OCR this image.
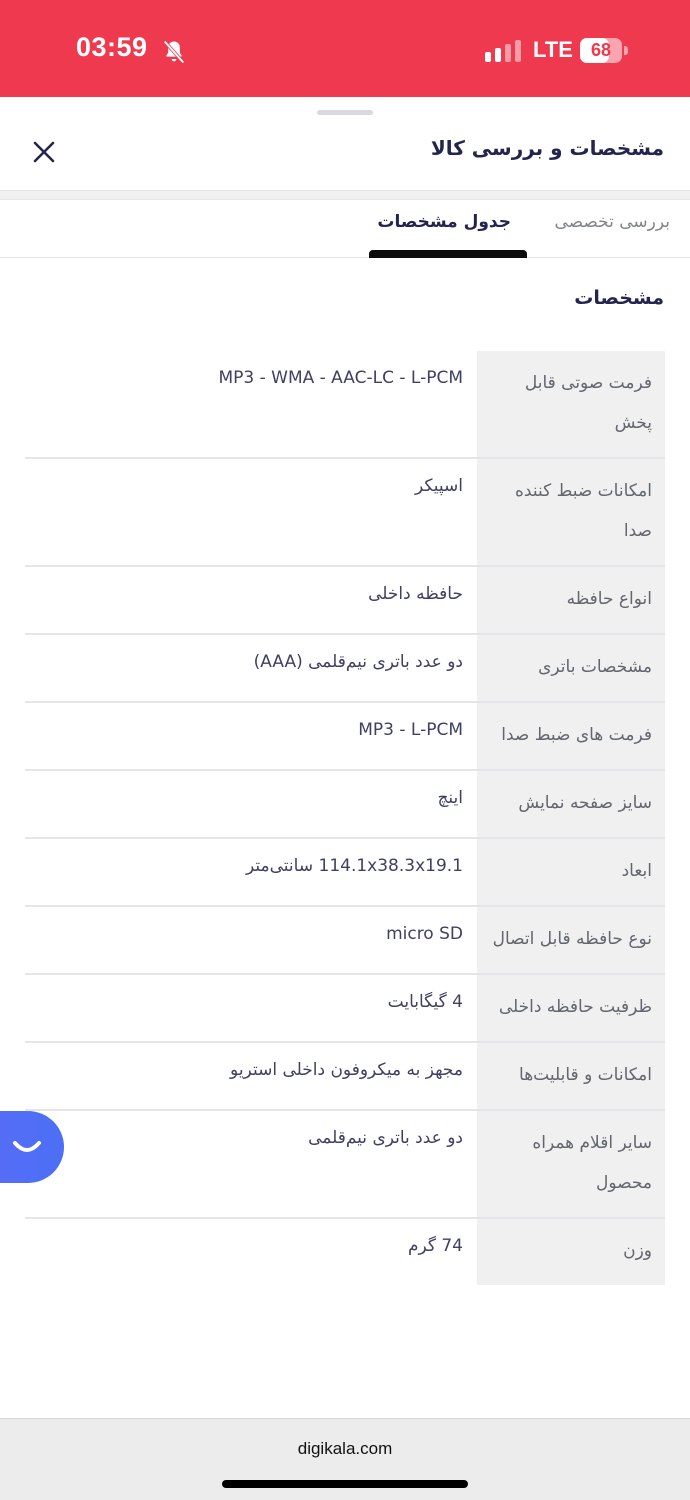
03:59	LTE	68
مشخصات و بررسی کالا
بررسی تخصصی
جدول مشخصات
مشخصات
فرمت صوتی قابل پخش
MP3 - WMA - AAC-LC - L-PCM
امکانات ضبط کننده صدا
اسپیکر
انواع حافظه
حافظه داخلی
مشخصات باتری
دو عدد باتری نیم‌قلمی (AAA)
فرمت های ضبط صدا
MP3 - L-PCM
سایز صفحه نمایش
اینچ
ابعاد
114.1x38.3x19.1 سانتی‌متر
نوع حافظه قابل اتصال
micro SD
ظرفیت حافظه داخلی
4 گیگابایت
امکانات و قابلیت‌ها
مجهز به میکروفون داخلی استریو
سایر اقلام همراه محصول
دو عدد باتری نیم‌قلمی
وزن
74 گرم
digikala.com
